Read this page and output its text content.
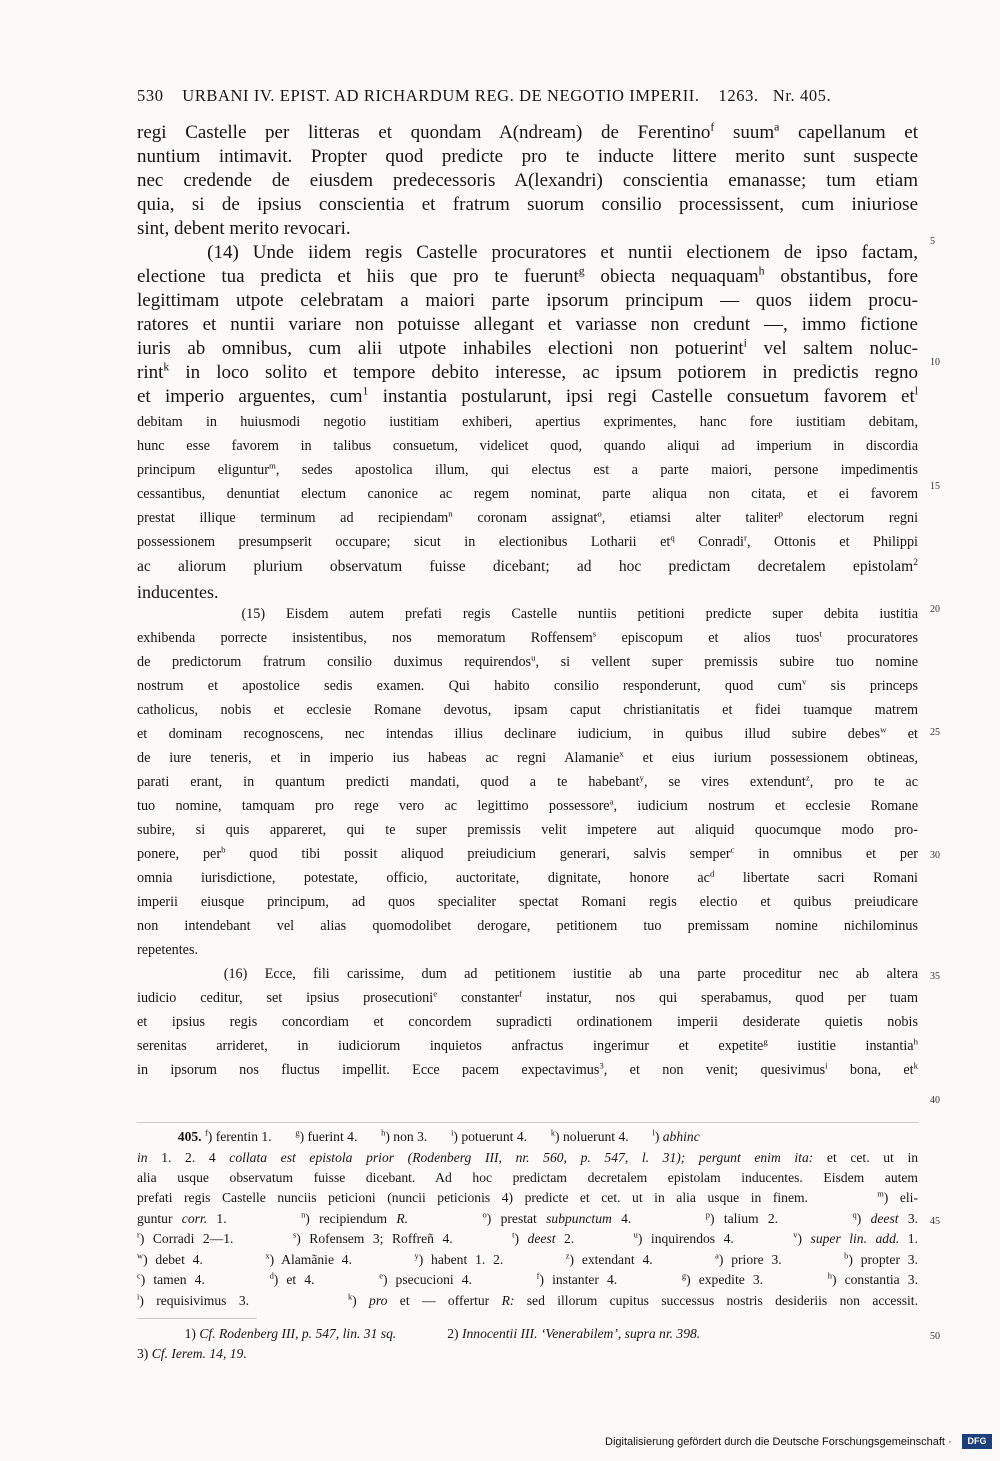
530 URBANI IV. EPIST. AD RICHARDUM REG. DE NEGOTIO IMPERII. 1263. Nr. 405.
regi Castelle per litteras et quondam A(ndream) de Ferentino$^f$ suum$^a$ capellanum et
nuntium intimavit. Propter quod predicte pro te inducte littere merito sunt suspecte
nec credende de eiusdem predecessoris A(lexandri) conscientia emanasse; tum etiam
quia, si de ipsius conscientia et fratrum suorum consilio processissent, cum iniuriose
sint, debent merito revocari.
(14) Unde iidem regis Castelle procuratores et nuntii electionem de ipso factam,
electione tua predicta et hiis que pro te fuerunt$^g$ obiecta nequaquam$^h$ obstantibus, fore
legittimam utpote celebratam a maiori parte ipsorum principum — quos iidem procu-
ratores et nuntii variare non potuisse allegant et variasse non credunt —, immo fictione
iuris ab omnibus, cum alii utpote inhabiles electioni non potuerint$^i$ vel saltem noluc-
rint$^k$ in loco solito et tempore debito interesse, ac ipsum potiorem in predictis regno
et imperio arguentes, cum$^1$ instantia postularunt, ipsi regi Castelle consuetum favorem $et^l$
debitam in huiusmodi negotio iustitiam exhiberi, apertius exprimentes, hanc fore iustitiam debitam,
hunc esse favorem in talibus consuetum, videlicet quod, quando aliqui ad imperium in discordia
principum eliguntur$^m$, sedes apostolica illum, qui electus est a parte maiori, persone impedimentis
cessantibus, denuntiat electum canonice ac regem nominat, parte aliqua non citata, et ei favorem
prestat illique terminum ad recipiendam$^n$ coronam assignat$^o$, etiamsi alter taliter$^p$ electorum regni
possessionem presumpserit occupare; sicut in electionibus Lotharii $et^q$ Conradi$^r$, Ottonis et Philippi
ac aliorum plurium observatum fuisse dicebant; ad hoc predictam decretalem epistolam$^2$
inducentes.
(15) Eisdem autem prefati regis Castelle nuntiis petitioni predicte super debita iustitia
exhibenda porrecte insistentibus, nos memoratum Roffensem$^s$ episcopum et alios tuos$^t$ procuratores
de predictorum fratrum consilio duximus requirendos$^u$, si vellent super premissis subire tuo nomine
nostrum et apostolice sedis examen. Qui habito consilio responderunt, quod cum$^v$ sis princeps
catholicus, nobis et ecclesie Romane devotus, ipsam caput christianitatis et fidei tuamque matrem
et dominam recognoscens, nec intendas illius declinare iudicium, in quibus illud subire debes$^w$ et
de iure teneris, et in imperio ius habeas ac regni Alamanie$^x$ et eius iurium possessionem obtineas,
parati erant, in quantum predicti mandati, quod a te habebant$^y$, se vires extendunt$^z$, pro te ac
tuo nomine, tamquam pro rege vero ac legittimo possessore$^a$, iudicium nostrum et ecclesie Romane
subire, si quis appareret, qui te super premissis velit impetere aut aliquid quocumque modo pro-
ponere, per$^b$ quod tibi possit aliquod preiudicium generari, salvis semper$^c$ in omnibus et per
omnia iurisdictione, potestate, officio, auctoritate, dignitate, honore $ac^d$ libertate sacri Romani
imperii eiusque principum, ad quos specialiter spectat Romani regis electio et quibus preiudicare
non intendebant vel alias quomodolibet derogare, petitionem tuo premissam nomine nichilominus
repetentes.
(16) Ecce, fili carissime, dum ad petitionem iustitie ab una parte proceditur nec ab altera
iudicio ceditur, set ipsius prosecutioni$^e$ constanter$^f$ instatur, nos qui sperabamus, quod per tuam
et ipsius regis concordiam et concordem supradicti ordinationem imperii desiderate quietis nobis
serenitas arrideret, in iudiciorum inquietos anfractus ingerimur et expetite$^g$ iustitie instantia$^h$
in ipsorum nos fluctus impellit. Ecce pacem expectavimus$^3$, et non venit; quesivimus$^i$ bona, $et^k$
405. $^f$) ferentin 1.       $^g$) fuerint 4.       $^h$) non 3.       $^i$) potuerunt 4.       $^k$) noluerunt 4.       $^l$) abhinc
in 1. 2. 4 collata est epistola prior (Rodenberg III, nr. 560, p. 547, l. 31); pergunt enim ita: et cet. ut in
alia usque observatum fuisse dicebant. Ad hoc predictam decretalem epistolam inducentes. Eisdem autem
prefati regis Castelle nunciis peticioni (nuncii peticionis 4) predicte et cet. ut in alia usque in finem.      $^m$) eli-
guntur corr. 1.        $^n$) recipiendum R.	$^o$) prestat subpunctum 4.        $^p$) talium 2.        $^q$) deest 3.
$^r$) Corradi 2—1.       $^s$) Rofensem 3; Roffreñ 4.       $^t$) deest 2.       $^u$) inquirendos 4.       $^v$) super lin. add. 1.
$^w$) debet 4.        $^x$) Alamãnie 4.        $^y$) habent 1. 2.        $^z$) extendant 4.        $^a$) priore 3.        $^b$) propter 3.
$^c$) tamen 4.        $^d$) et 4.        $^e$) psecucioni 4.        $^f$) instanter 4.        $^g$) expedite 3.        $^h$) constantia 3.
$^i$) requisivimus 3.        $^k$) pro et — offertur R: sed illorum cupitus successus nostris desideriis non accessit.
1) Cf. Rodenberg III, p. 547, lin. 31 sq.               2) Innocentii III. ‘Venerabilem’, supra nr. 398.
3) Cf. Ierem. 14, 19.
5
10
15
20
25
30
35
40
45
50
Digitalisierung gefördert durch die Deutsche Forschungsgemeinschaft ·	DFG
